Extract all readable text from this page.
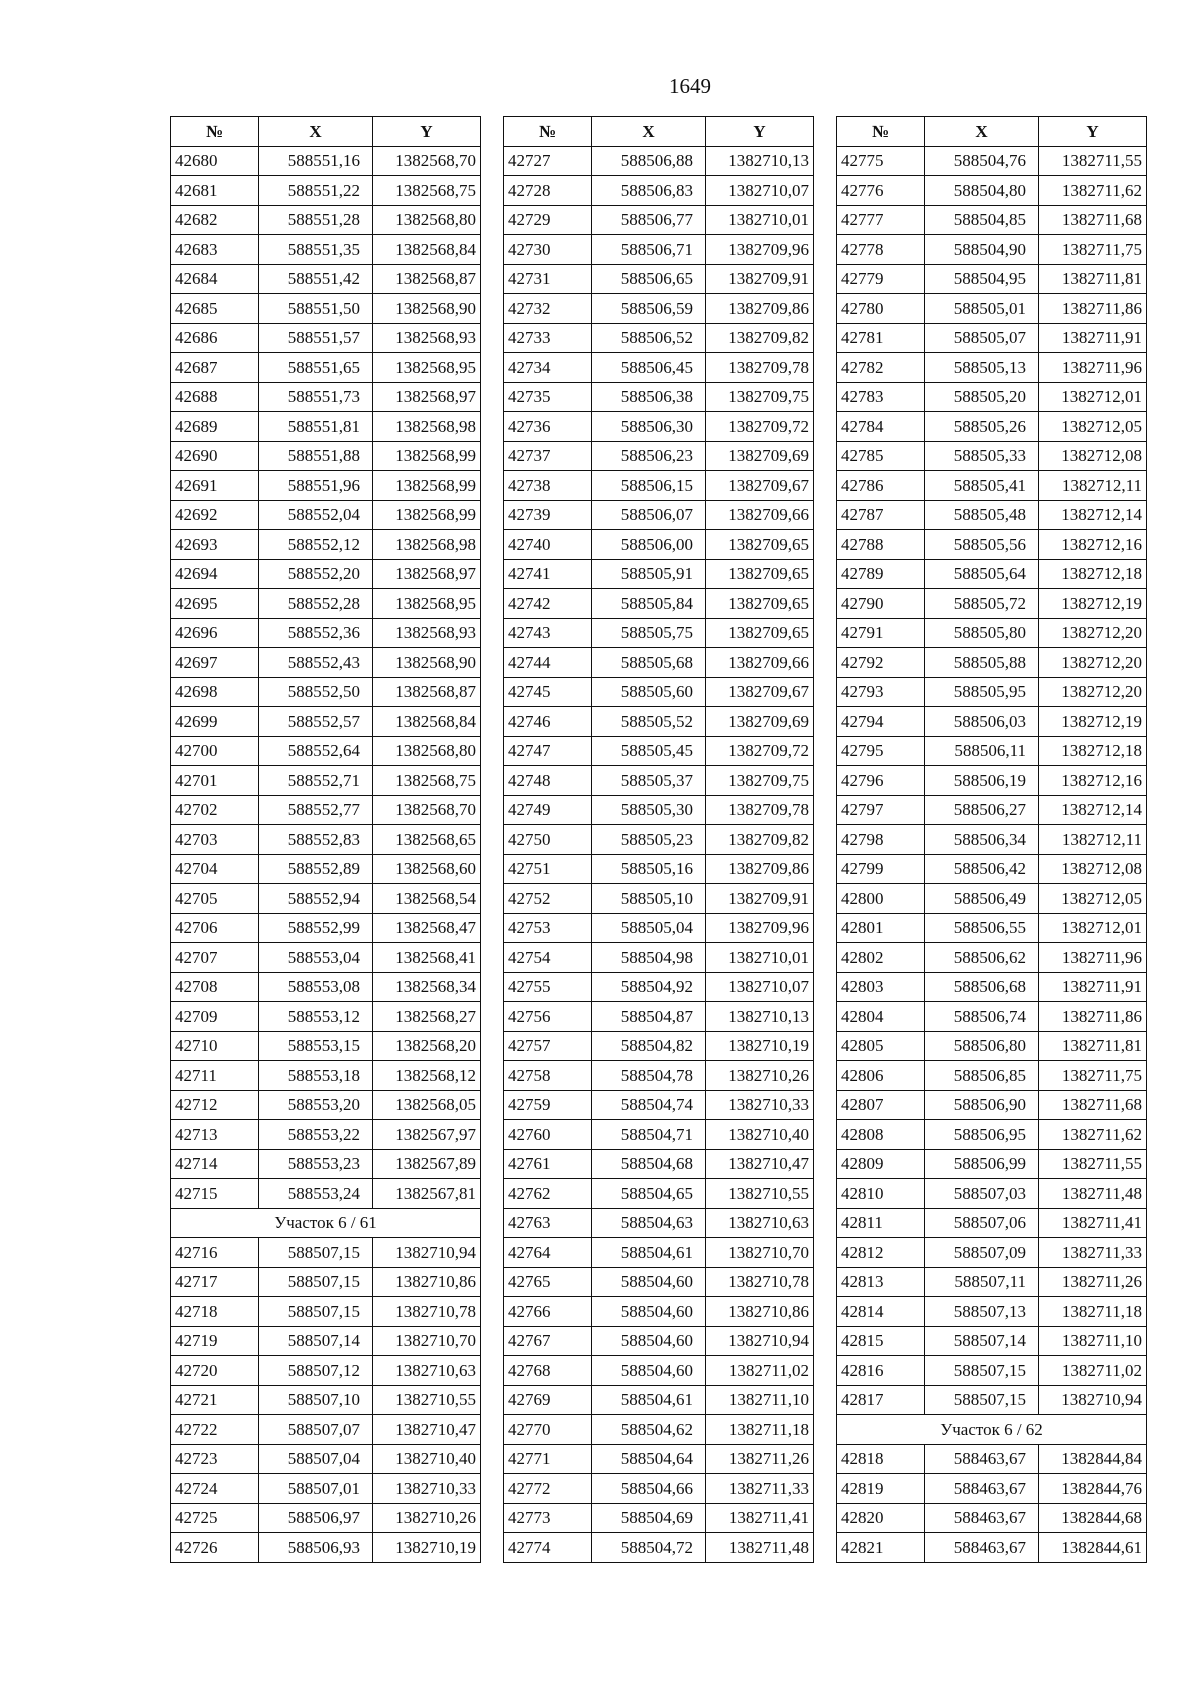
1649
№	X	Y
42680	588551,16	1382568,70
42681	588551,22	1382568,75
42682	588551,28	1382568,80
42683	588551,35	1382568,84
42684	588551,42	1382568,87
42685	588551,50	1382568,90
42686	588551,57	1382568,93
42687	588551,65	1382568,95
42688	588551,73	1382568,97
42689	588551,81	1382568,98
42690	588551,88	1382568,99
42691	588551,96	1382568,99
42692	588552,04	1382568,99
42693	588552,12	1382568,98
42694	588552,20	1382568,97
42695	588552,28	1382568,95
42696	588552,36	1382568,93
42697	588552,43	1382568,90
42698	588552,50	1382568,87
42699	588552,57	1382568,84
42700	588552,64	1382568,80
42701	588552,71	1382568,75
42702	588552,77	1382568,70
42703	588552,83	1382568,65
42704	588552,89	1382568,60
42705	588552,94	1382568,54
42706	588552,99	1382568,47
42707	588553,04	1382568,41
42708	588553,08	1382568,34
42709	588553,12	1382568,27
42710	588553,15	1382568,20
42711	588553,18	1382568,12
42712	588553,20	1382568,05
42713	588553,22	1382567,97
42714	588553,23	1382567,89
42715	588553,24	1382567,81
Участок 6 / 61		
42716	588507,15	1382710,94
42717	588507,15	1382710,86
42718	588507,15	1382710,78
42719	588507,14	1382710,70
42720	588507,12	1382710,63
42721	588507,10	1382710,55
42722	588507,07	1382710,47
42723	588507,04	1382710,40
42724	588507,01	1382710,33
42725	588506,97	1382710,26
42726	588506,93	1382710,19
№	X	Y
42727	588506,88	1382710,13
42728	588506,83	1382710,07
42729	588506,77	1382710,01
42730	588506,71	1382709,96
42731	588506,65	1382709,91
42732	588506,59	1382709,86
42733	588506,52	1382709,82
42734	588506,45	1382709,78
42735	588506,38	1382709,75
42736	588506,30	1382709,72
42737	588506,23	1382709,69
42738	588506,15	1382709,67
42739	588506,07	1382709,66
42740	588506,00	1382709,65
42741	588505,91	1382709,65
42742	588505,84	1382709,65
42743	588505,75	1382709,65
42744	588505,68	1382709,66
42745	588505,60	1382709,67
42746	588505,52	1382709,69
42747	588505,45	1382709,72
42748	588505,37	1382709,75
42749	588505,30	1382709,78
42750	588505,23	1382709,82
42751	588505,16	1382709,86
42752	588505,10	1382709,91
42753	588505,04	1382709,96
42754	588504,98	1382710,01
42755	588504,92	1382710,07
42756	588504,87	1382710,13
42757	588504,82	1382710,19
42758	588504,78	1382710,26
42759	588504,74	1382710,33
42760	588504,71	1382710,40
42761	588504,68	1382710,47
42762	588504,65	1382710,55
42763	588504,63	1382710,63
42764	588504,61	1382710,70
42765	588504,60	1382710,78
42766	588504,60	1382710,86
42767	588504,60	1382710,94
42768	588504,60	1382711,02
42769	588504,61	1382711,10
42770	588504,62	1382711,18
42771	588504,64	1382711,26
42772	588504,66	1382711,33
42773	588504,69	1382711,41
42774	588504,72	1382711,48
№	X	Y
42775	588504,76	1382711,55
42776	588504,80	1382711,62
42777	588504,85	1382711,68
42778	588504,90	1382711,75
42779	588504,95	1382711,81
42780	588505,01	1382711,86
42781	588505,07	1382711,91
42782	588505,13	1382711,96
42783	588505,20	1382712,01
42784	588505,26	1382712,05
42785	588505,33	1382712,08
42786	588505,41	1382712,11
42787	588505,48	1382712,14
42788	588505,56	1382712,16
42789	588505,64	1382712,18
42790	588505,72	1382712,19
42791	588505,80	1382712,20
42792	588505,88	1382712,20
42793	588505,95	1382712,20
42794	588506,03	1382712,19
42795	588506,11	1382712,18
42796	588506,19	1382712,16
42797	588506,27	1382712,14
42798	588506,34	1382712,11
42799	588506,42	1382712,08
42800	588506,49	1382712,05
42801	588506,55	1382712,01
42802	588506,62	1382711,96
42803	588506,68	1382711,91
42804	588506,74	1382711,86
42805	588506,80	1382711,81
42806	588506,85	1382711,75
42807	588506,90	1382711,68
42808	588506,95	1382711,62
42809	588506,99	1382711,55
42810	588507,03	1382711,48
42811	588507,06	1382711,41
42812	588507,09	1382711,33
42813	588507,11	1382711,26
42814	588507,13	1382711,18
42815	588507,14	1382711,10
42816	588507,15	1382711,02
42817	588507,15	1382710,94
Участок 6 / 62		
42818	588463,67	1382844,84
42819	588463,67	1382844,76
42820	588463,67	1382844,68
42821	588463,67	1382844,61
